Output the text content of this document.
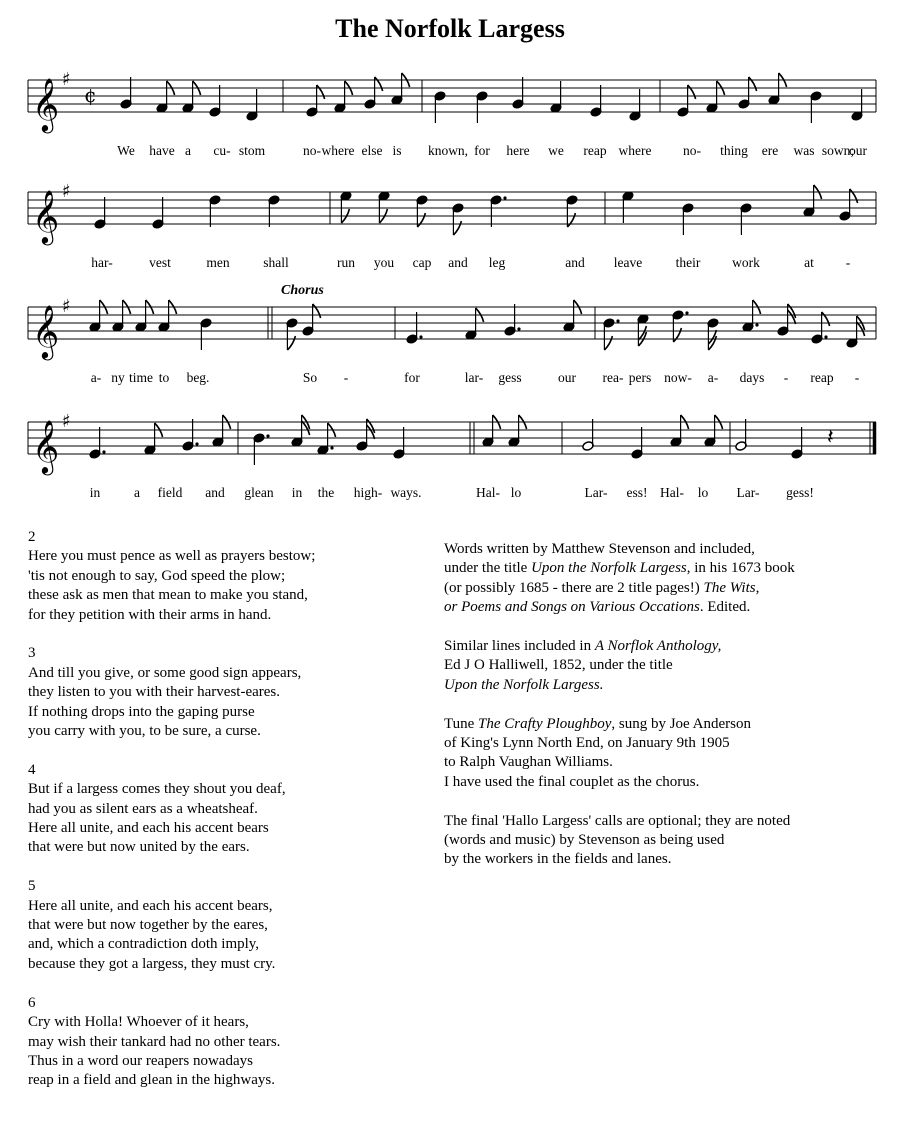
The Norfolk Largess
𝄞 ♯
¢
We have a cu- stom	no- where else is known, for here we reap where no- thing ere was sown;
our
𝄞 ♯
har-	vest	men shall	run you cap and leg	and leave their work	at -
Chorus
𝄞 ♯
a- ny time to beg.	So -	for	lar- gess	our rea- pers now- a- days - reap -
𝄞 ♯
𝄽
in a field and glean in the high- ways.	Hal- lo	Lar- ess! Hal- lo Lar- gess!
2
Here you must pence as well as prayers bestow;
'tis not enough to say, God speed the plow;
these ask as men that mean to make you stand,
for they petition with their arms in hand.
3
And till you give, or some good sign appears,
they listen to you with their harvest-eares.
If nothing drops into the gaping purse
you carry with you, to be sure, a curse.
4
But if a largess comes they shout you deaf,
had you as silent ears as a wheatsheaf.
Here all unite, and each his accent bears
that were but now united by the ears.
5
Here all unite, and each his accent bears,
that were but now together by the eares,
and, which a contradiction doth imply,
because they got a largess, they must cry.
6
Cry with Holla! Whoever of it hears,
may wish their tankard had no other tears.
Thus in a word our reapers nowadays
reap in a field and glean in the highways.
Words written by Matthew Stevenson and included,
under the title Upon the Norfolk Largess, in his 1673 book
(or possibly 1685 - there are 2 title pages!) The Wits,
or Poems and Songs on Various Occations. Edited.
Similar lines included in A Norflok Anthology,
Ed J O Halliwell, 1852, under the title
Upon the Norfolk Largess.
Tune The Crafty Ploughboy, sung by Joe Anderson
of King's Lynn North End, on January 9th 1905
to Ralph Vaughan Williams.
I have used the final couplet as the chorus.
The final 'Hallo Largess' calls are optional; they are noted
(words and music) by Stevenson as being used
by the workers in the fields and lanes.
